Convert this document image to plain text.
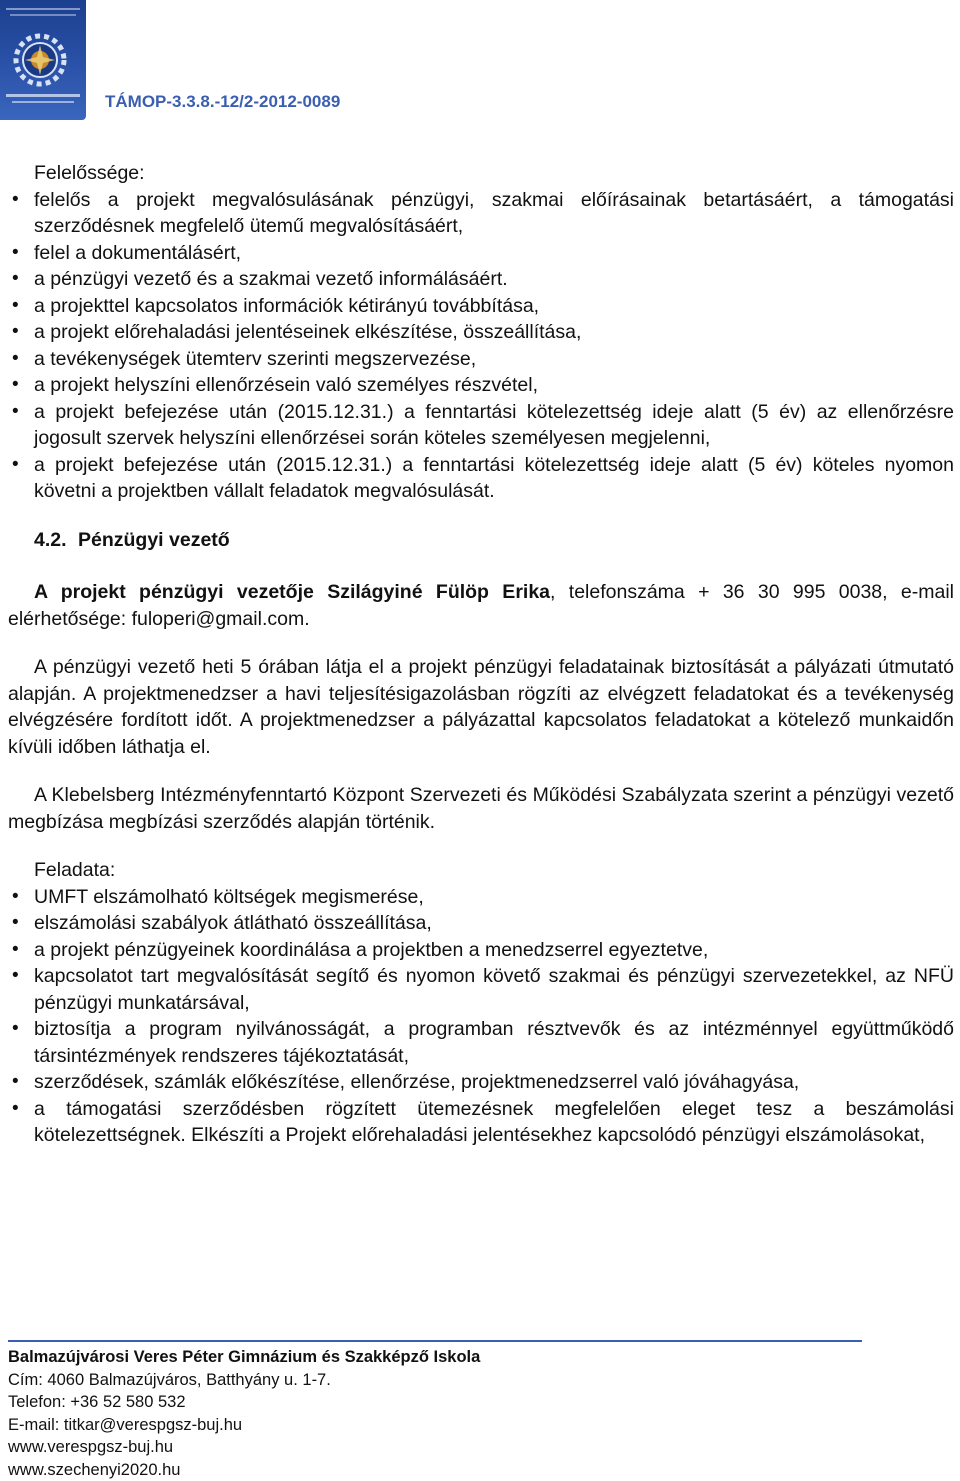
TÁMOP-3.3.8.-12/2-2012-0089

Felelőssége:

• felelős a projekt megvalósulásának pénzügyi, szakmai előírásainak betartásáért, a támogatási szerződésnek megfelelő ütemű megvalósításáért,
• felel a dokumentálásért,
• a pénzügyi vezető és a szakmai vezető informálásáért.
• a projekttel kapcsolatos információk kétirányú továbbítása,
• a projekt előrehaladási jelentéseinek elkészítése, összeállítása,
• a tevékenységek ütemterv szerinti megszervezése,
• a projekt helyszíni ellenőrzésein való személyes részvétel,
• a projekt befejezése után (2015.12.31.) a fenntartási kötelezettség ideje alatt (5 év) az ellenőrzésre jogosult szervek helyszíni ellenőrzései során köteles személyesen megjelenni,
• a projekt befejezése után (2015.12.31.) a fenntartási kötelezettség ideje alatt (5 év) köteles nyomon követni a projektben vállalt feladatok megvalósulását.

4.2. Pénzügyi vezető

A projekt pénzügyi vezetője Szilágyiné Fülöp Erika, telefonszáma + 36 30 995 0038, e-mail elérhetősége: fuloperi@gmail.com.

A pénzügyi vezető heti 5 órában látja el a projekt pénzügyi feladatainak biztosítását a pályázati útmutató alapján. A projektmenedzser a havi teljesítésigazolásban rögzíti az elvégzett feladatokat és a tevékenység elvégzésére fordított időt. A projektmenedzser a pályázattal kapcsolatos feladatokat a kötelező munkaidőn kívüli időben láthatja el.

A Klebelsberg Intézményfenntartó Központ Szervezeti és Működési Szabályzata szerint a pénzügyi vezető megbízása megbízási szerződés alapján történik.

Feladata:

• UMFT elszámolható költségek megismerése,
• elszámolási szabályok átlátható összeállítása,
• a projekt pénzügyeinek koordinálása a projektben a menedzserrel egyeztetve,
• kapcsolatot tart megvalósítását segítő és nyomon követő szakmai és pénzügyi szervezetekkel, az NFÜ pénzügyi munkatársával,
• biztosítja a program nyilvánosságát, a programban résztvevők és az intézménnyel együttműködő társintézmények rendszeres tájékoztatását,
• szerződések, számlák előkészítése, ellenőrzése, projektmenedzserrel való jóváhagyása,
• a támogatási szerződésben rögzített ütemezésnek megfelelően eleget tesz a beszámolási kötelezettségnek. Elkészíti a Projekt előrehaladási jelentésekhez kapcsolódó pénzügyi elszámolásokat,
Balmazújvárosi Veres Péter Gimnázium és Szakképző Iskola
Cím: 4060 Balmazújváros, Batthyány u. 1-7.
Telefon: +36 52 580 532
E-mail: titkar@verespgsz-buj.hu
www.verespgsz-buj.hu
www.szechenyi2020.hu
